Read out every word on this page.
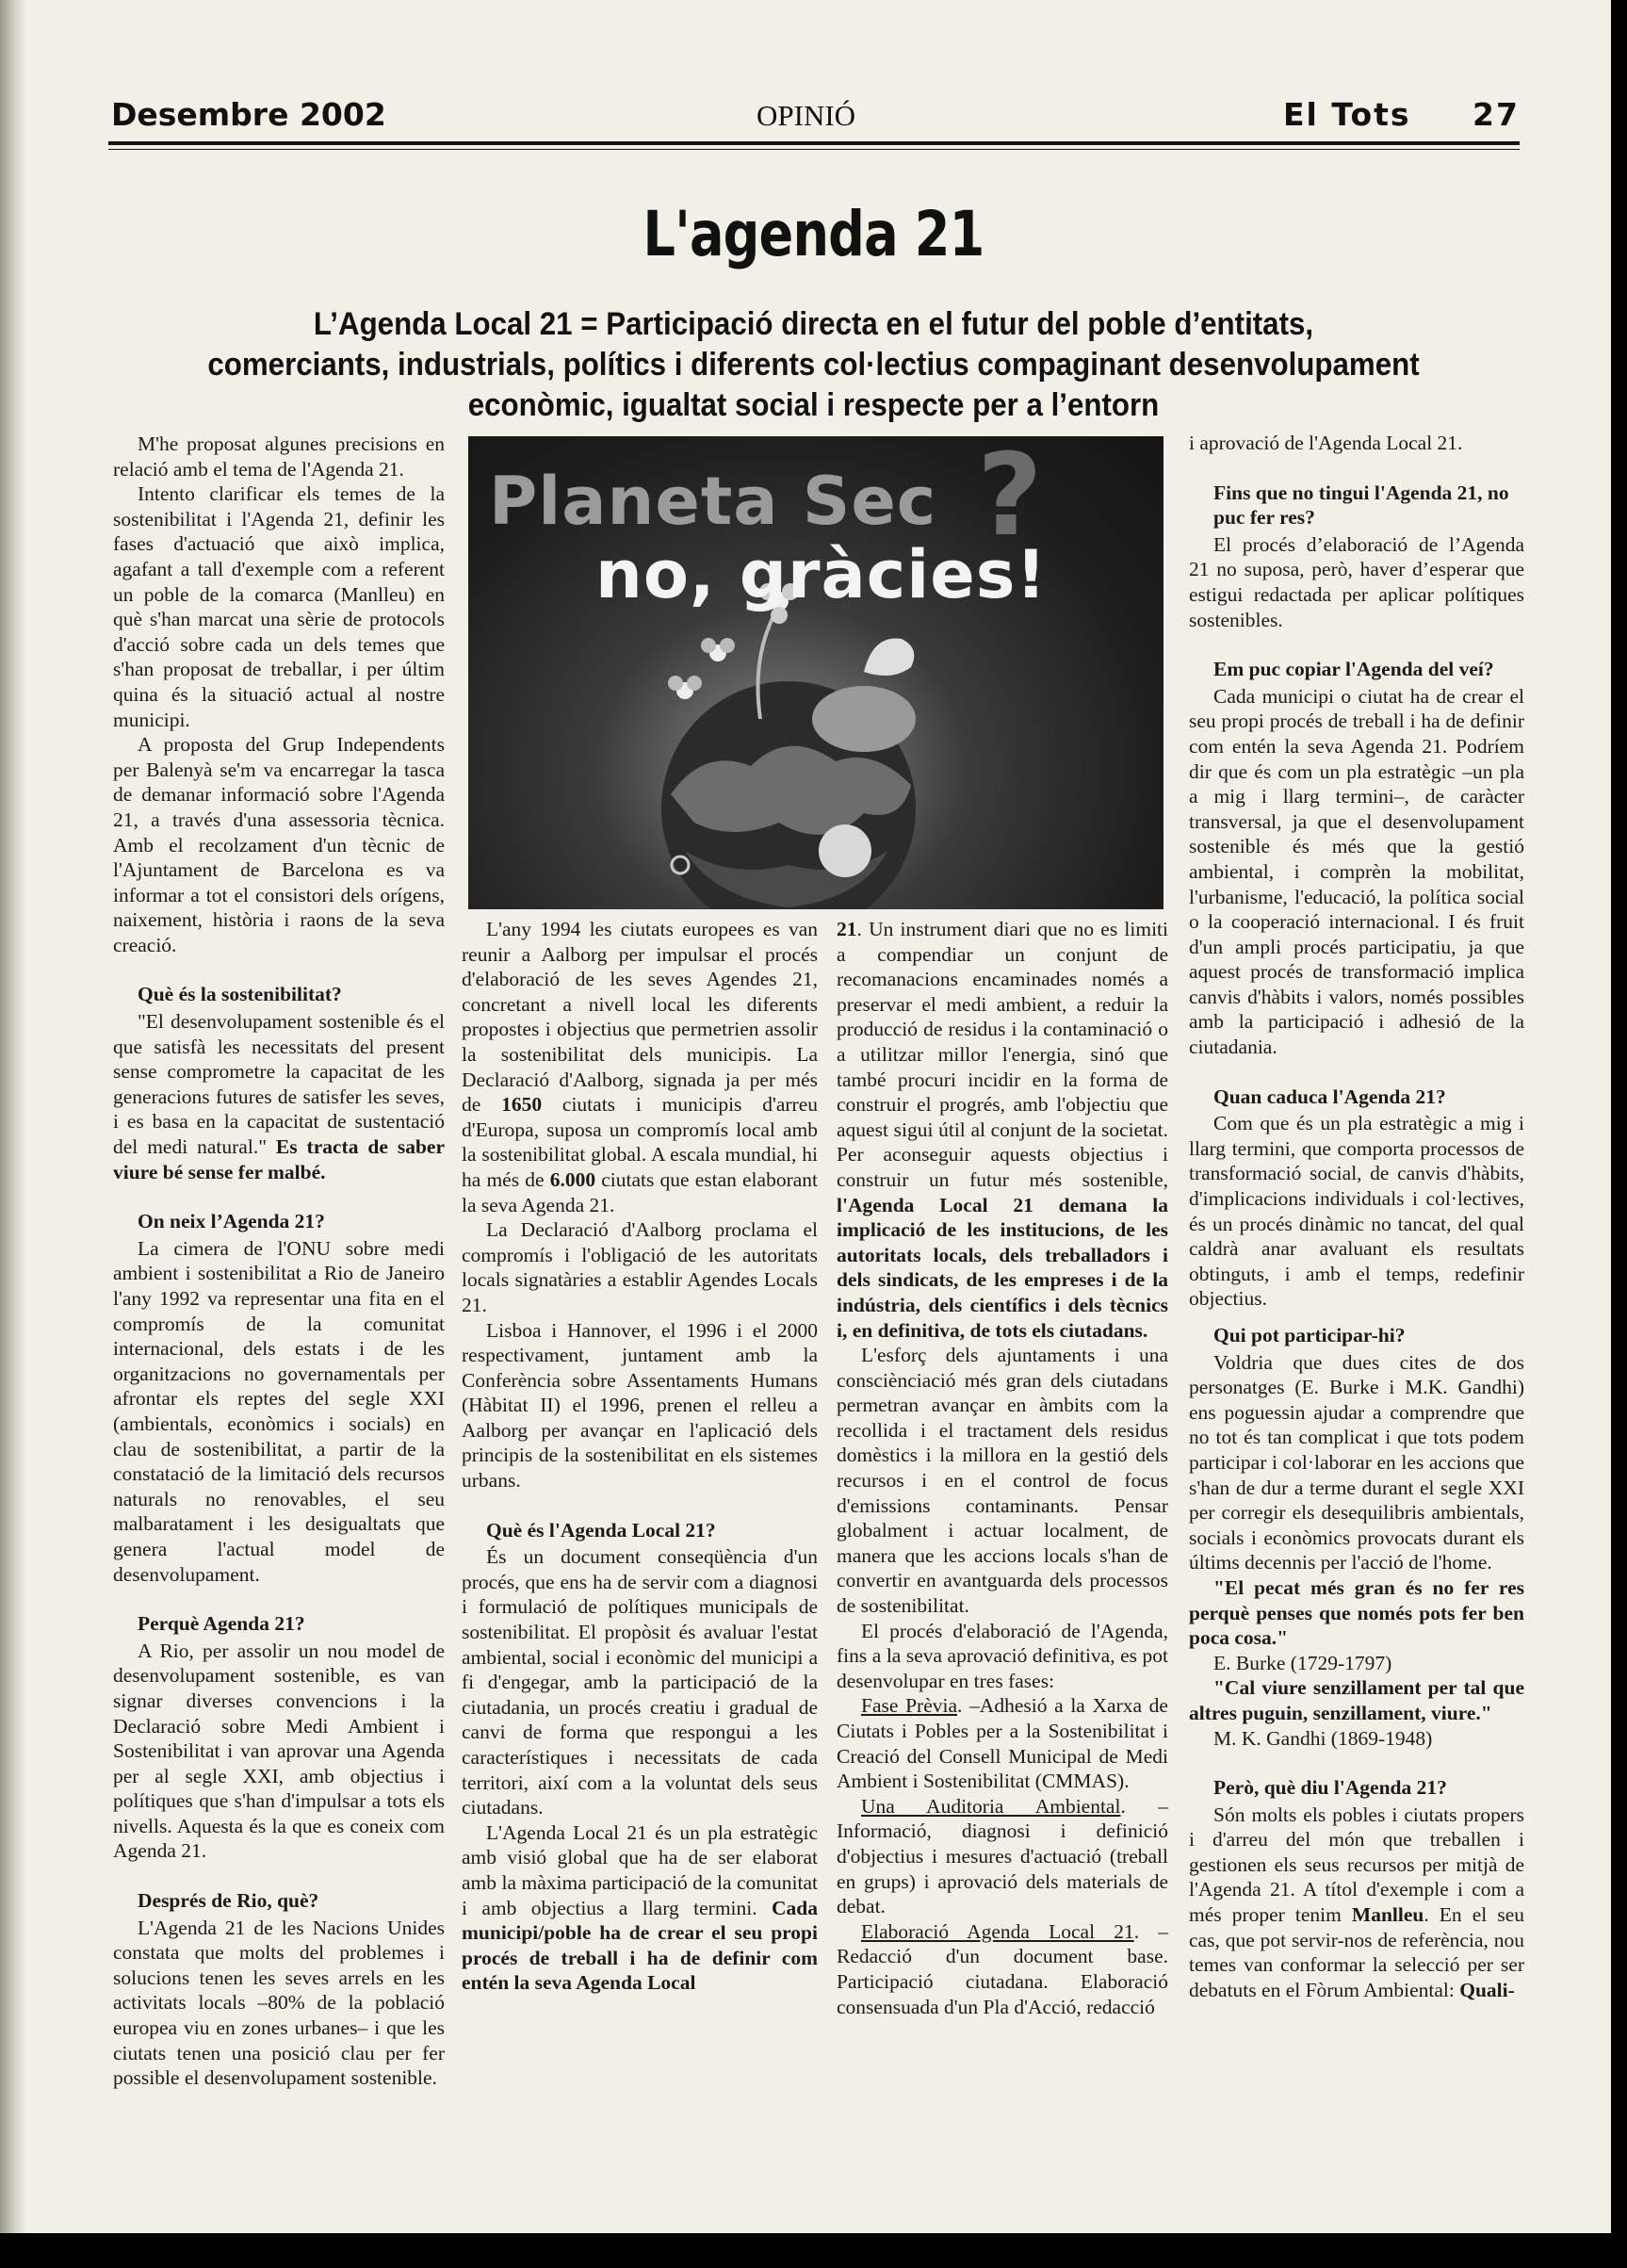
Desembre 2002	OPINIÓ	El Tots 27
L'agenda 21
L’Agenda Local 21 = Participació directa en el futur del poble d’entitats,
comerciants, industrials, polítics i diferents col·lectius compaginant desenvolupament
econòmic, igualtat social i respecte per a l’entorn

M'he proposat algunes precisions en relació amb el tema de l'Agenda 21.

Intento clarificar els temes de la sostenibilitat i l'Agenda 21, definir les fases d'actuació que això implica, agafant a tall d'exemple com a referent un poble de la comarca (Manlleu) en què s'han marcat una sèrie de protocols d'acció sobre cada un dels temes que s'han proposat de treballar, i per últim quina és la situació actual al nostre municipi.

A proposta del Grup Independents per Balenyà se'm va encarregar la tasca de demanar informació sobre l'Agenda 21, a través d'una assessoria tècnica. Amb el recolzament d'un tècnic de l'Ajuntament de Barcelona es va informar a tot el consistori dels orígens, naixement, història i raons de la seva creació.

Què és la sostenibilitat?

"El desenvolupament sostenible és el que satisfà les necessitats del present sense comprometre la capacitat de les generacions futures de satisfer les seves, i es basa en la capacitat de sustentació del medi natural." Es tracta de saber viure bé sense fer malbé.

On neix l’Agenda 21?

La cimera de l'ONU sobre medi ambient i sostenibilitat a Rio de Janeiro l'any 1992 va representar una fita en el compromís de la comunitat internacional, dels estats i de les organitzacions no governamentals per afrontar els reptes del segle XXI (ambientals, econòmics i socials) en clau de sostenibilitat, a partir de la constatació de la limitació dels recursos naturals no renovables, el seu malbaratament i les desigualtats que genera l'actual model de desenvolupament.

Perquè Agenda 21?

A Rio, per assolir un nou model de desenvolupament sostenible, es van signar diverses convencions i la Declaració sobre Medi Ambient i Sostenibilitat i van aprovar una Agenda per al segle XXI, amb objectius i polítiques que s'han d'impulsar a tots els nivells. Aquesta és la que es coneix com Agenda 21.

Després de Rio, què?

L'Agenda 21 de les Nacions Unides constata que molts del problemes i solucions tenen les seves arrels en les activitats locals –80% de la població europea viu en zones urbanes– i que les ciutats tenen una posició clau per fer possible el desenvolupament sostenible.

Planeta Sec ?
no, gràcies!

L'any 1994 les ciutats europees es van reunir a Aalborg per impulsar el procés d'elaboració de les seves Agendes 21, concretant a nivell local les diferents propostes i objectius que permetrien assolir la sostenibilitat dels municipis. La Declaració d'Aalborg, signada ja per més de 1650 ciutats i municipis d'arreu d'Europa, suposa un compromís local amb la sostenibilitat global. A escala mundial, hi ha més de 6.000 ciutats que estan elaborant la seva Agenda 21.

La Declaració d'Aalborg proclama el compromís i l'obligació de les autoritats locals signatàries a establir Agendes Locals 21.

Lisboa i Hannover, el 1996 i el 2000 respectivament, juntament amb la Conferència sobre Assentaments Humans (Hàbitat II) el 1996, prenen el relleu a Aalborg per avançar en l'aplicació dels principis de la sostenibilitat en els sistemes urbans.

Què és l'Agenda Local 21?

És un document conseqüència d'un procés, que ens ha de servir com a diagnosi i formulació de polítiques municipals de sostenibilitat. El propòsit és avaluar l'estat ambiental, social i econòmic del municipi a fi d'engegar, amb la participació de la ciutadania, un procés creatiu i gradual de canvi de forma que respongui a les característiques i necessitats de cada territori, així com a la voluntat dels seus ciutadans.

L'Agenda Local 21 és un pla estratègic amb visió global que ha de ser elaborat amb la màxima participació de la comunitat i amb objectius a llarg termini. Cada municipi/poble ha de crear el seu propi procés de treball i ha de definir com entén la seva Agenda Local

21. Un instrument diari que no es limiti a compendiar un conjunt de recomanacions encaminades només a preservar el medi ambient, a reduir la producció de residus i la contaminació o a utilitzar millor l'energia, sinó que també procuri incidir en la forma de construir el progrés, amb l'objectiu que aquest sigui útil al conjunt de la societat. Per aconseguir aquests objectius i construir un futur més sostenible, l'Agenda Local 21 demana la implicació de les institucions, de les autoritats locals, dels treballadors i dels sindicats, de les empreses i de la indústria, dels científics i dels tècnics i, en definitiva, de tots els ciutadans.

L'esforç dels ajuntaments i una consciènciació més gran dels ciutadans permetran avançar en àmbits com la recollida i el tractament dels residus domèstics i la millora en la gestió dels recursos i en el control de focus d'emissions contaminants. Pensar globalment i actuar localment, de manera que les accions locals s'han de convertir en avantguarda dels processos de sostenibilitat.

El procés d'elaboració de l'Agenda, fins a la seva aprovació definitiva, es pot desenvolupar en tres fases:

Fase Prèvia. –Adhesió a la Xarxa de Ciutats i Pobles per a la Sostenibilitat i Creació del Consell Municipal de Medi Ambient i Sostenibilitat (CMMAS).

Una Auditoria Ambiental. –Informació, diagnosi i definició d'objectius i mesures d'actuació (treball en grups) i aprovació dels materials de debat.

Elaboració Agenda Local 21. –Redacció d'un document base. Participació ciutadana. Elaboració consensuada d'un Pla d'Acció, redacció

i aprovació de l'Agenda Local 21.

Fins que no tingui l'Agenda 21, no puc fer res?

El procés d’elaboració de l’Agenda 21 no suposa, però, haver d’esperar que estigui redactada per aplicar polítiques sostenibles.

Em puc copiar l'Agenda del veí?

Cada municipi o ciutat ha de crear el seu propi procés de treball i ha de definir com entén la seva Agenda 21. Podríem dir que és com un pla estratègic –un pla a mig i llarg termini–, de caràcter transversal, ja que el desenvolupament sostenible és més que la gestió ambiental, i comprèn la mobilitat, l'urbanisme, l'educació, la política social o la cooperació internacional. I és fruit d'un ampli procés participatiu, ja que aquest procés de transformació implica canvis d'hàbits i valors, només possibles amb la participació i adhesió de la ciutadania.

Quan caduca l'Agenda 21?

Com que és un pla estratègic a mig i llarg termini, que comporta processos de transformació social, de canvis d'hàbits, d'implicacions individuals i col·lectives, és un procés dinàmic no tancat, del qual caldrà anar avaluant els resultats obtinguts, i amb el temps, redefinir objectius.

Qui pot participar-hi?

Voldria que dues cites de dos personatges (E. Burke i M.K. Gandhi) ens poguessin ajudar a comprendre que no tot és tan complicat i que tots podem participar i col·laborar en les accions que s'han de dur a terme durant el segle XXI per corregir els desequilibris ambientals, socials i econòmics provocats durant els últims decennis per l'acció de l'home.

"El pecat més gran és no fer res perquè penses que només pots fer ben poca cosa."

E. Burke (1729-1797)

"Cal viure senzillament per tal que altres puguin, senzillament, viure."

M. K. Gandhi (1869-1948)

Però, què diu l'Agenda 21?

Són molts els pobles i ciutats propers i d'arreu del món que treballen i gestionen els seus recursos per mitjà de l'Agenda 21. A títol d'exemple i com a més proper tenim Manlleu. En el seu cas, que pot servir-nos de referència, nou temes van conformar la selecció per ser debatuts en el Fòrum Ambiental: Quali-
